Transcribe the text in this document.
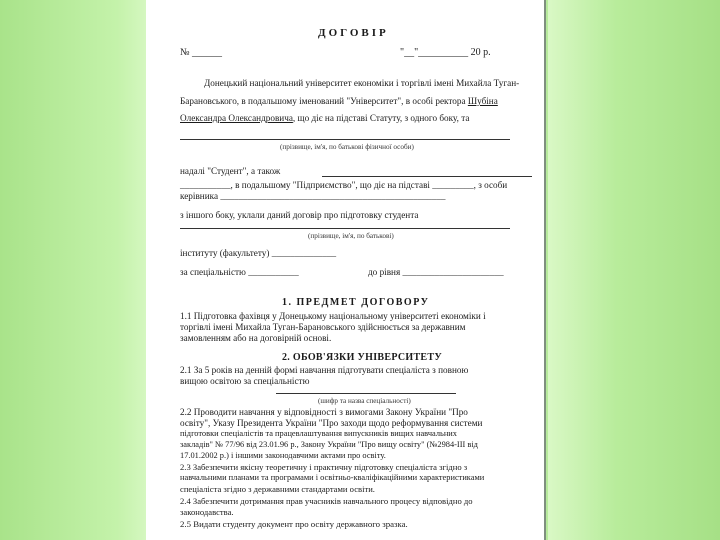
ДОГОВІР
№ ______	"__"__________ 20 р.
Донецький національний університет економіки і торгівлі імені Михайла Туган-
Барановського, в подальшому іменований "Університет", в особі ректора Шубіна
Олександра Олександровича, що діє на підставі Статуту, з одного боку, та
(прізвище, ім'я, по батькові фізичної особи)
надалі "Студент", а також
___________, в подальшому "Підприємство", що діє на підставі _________, з особи
керівника _________________________________________________
з іншого боку, уклали даний договір про підготовку студента
(прізвище, ім'я, по батькові)
інституту (факультету) ______________
за спеціальністю ___________	до рівня ______________________
1. ПРЕДМЕТ ДОГОВОРУ
1.1 Підготовка фахівця у Донецькому національному університеті економіки і
торгівлі імені Михайла Туган-Барановського здійснюється за державним
замовленням або на договірній основі.
2. ОБОВ'ЯЗКИ УНІВЕРСИТЕТУ
2.1 За 5 років на денній формі навчання підготувати спеціаліста з повною
вищою освітою за спеціальністю
(шифр та назва спеціальності)
2.2 Проводити навчання у відповідності з вимогами Закону України "Про
освіту", Указу Президента України "Про заходи щодо реформування системи
підготовки спеціалістів та працевлаштування випускників вищих навчальних
закладів" № 77/96 від 23.01.96 р., Закону України "Про вищу освіту" (№2984-ІІІ від
17.01.2002 р.) і іншими законодавчими актами про освіту.
2.3 Забезпечити якісну теоретичну і практичну підготовку спеціаліста згідно з
навчальними планами та програмами і освітньо-кваліфікаційними характеристиками
спеціаліста згідно з державними стандартами освіти.
2.4 Забезпечити дотримання прав учасників навчального процесу відповідно до
законодавства.
2.5 Видати студенту документ про освіту державного зразка.
